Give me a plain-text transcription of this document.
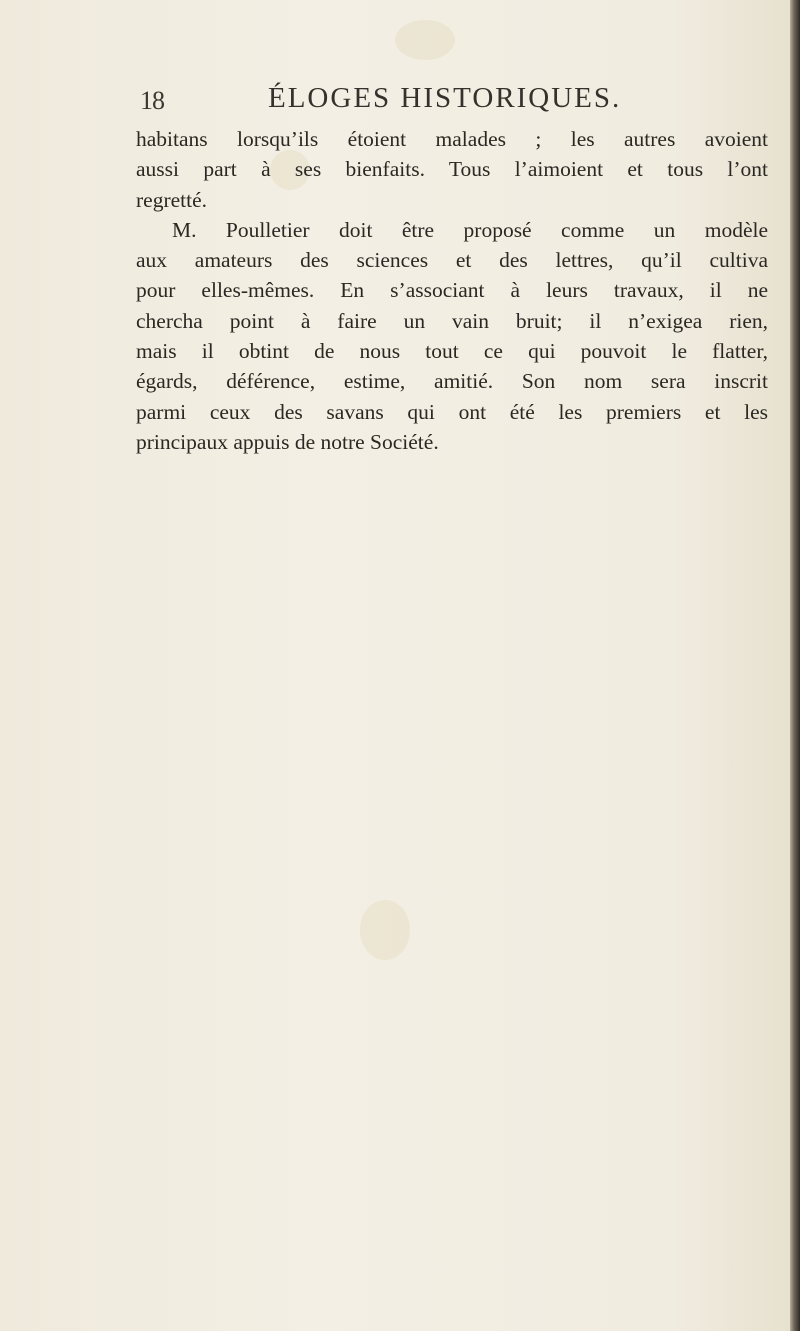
18	ÉLOGES HISTORIQUES.
habitans lorsqu’ils étoient malades ; les autres avoient
aussi part à ses bienfaits. Tous l’aimoient et tous l’ont
regretté.
M. Poulletier doit être proposé comme un modèle
aux amateurs des sciences et des lettres, qu’il cultiva
pour elles-mêmes. En s’associant à leurs travaux, il ne
chercha point à faire un vain bruit; il n’exigea rien,
mais il obtint de nous tout ce qui pouvoit le flatter,
égards, déférence, estime, amitié. Son nom sera inscrit
parmi ceux des savans qui ont été les premiers et les
principaux appuis de notre Société.
